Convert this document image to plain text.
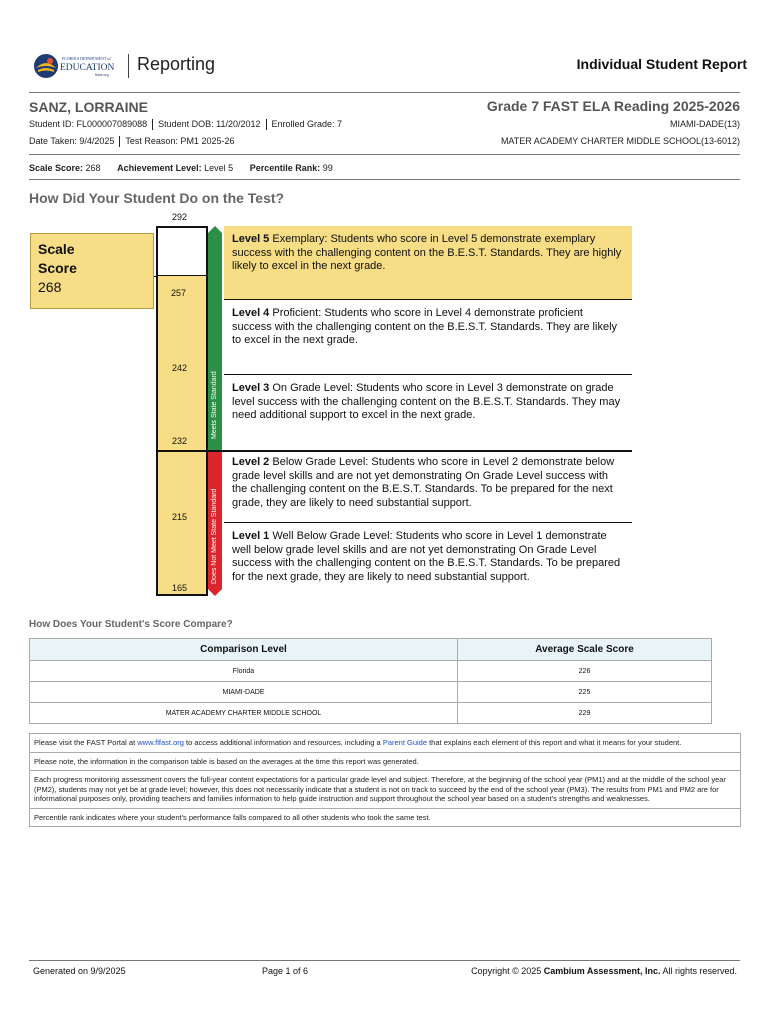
FLORIDA DEPARTMENT of
EDUCATION
fldoe.org
Reporting	Individual Student Report
SANZ, LORRAINE
Student ID: FL000007089088 Student DOB: 11/20/2012 Enrolled Grade: 7
Date Taken: 9/4/2025 Test Reason: PM1 2025-26
Grade 7 FAST ELA Reading 2025-2026
MIAMI-DADE(13)
MATER ACADEMY CHARTER MIDDLE SCHOOL(13-6012)
Scale Score: 268 Achievement Level: Level 5 Percentile Rank: 99
How Did Your Student Do on the Test?
292
Scale
Score
268	257
242
232
215
165
Meets State Standard
Does Not Meet State Standard
Level 5 Exemplary: Students who score in Level 5 demonstrate exemplary success with the challenging content on the B.E.S.T. Standards. They are highly likely to excel in the next grade.
Level 4 Proficient: Students who score in Level 4 demonstrate proficient success with the challenging content on the B.E.S.T. Standards. They are likely to excel in the next grade.
Level 3 On Grade Level: Students who score in Level 3 demonstrate on grade level success with the challenging content on the B.E.S.T. Standards. They may need additional support to excel in the next grade.
Level 2 Below Grade Level: Students who score in Level 2 demonstrate below grade level skills and are not yet demonstrating On Grade Level success with the challenging content on the B.E.S.T. Standards. To be prepared for the next grade, they are likely to need substantial support.
Level 1 Well Below Grade Level: Students who score in Level 1 demonstrate well below grade level skills and are not yet demonstrating On Grade Level success with the challenging content on the B.E.S.T. Standards. To be prepared for the next grade, they are likely to need substantial support.
How Does Your Student's Score Compare?
Comparison Level	Average Scale Score
Florida	226
MIAMI-DADE	225
MATER ACADEMY CHARTER MIDDLE SCHOOL	229
Please visit the FAST Portal at www.flfast.org to access additional information and resources, including a Parent Guide that explains each element of this report and what it means for your student.
Please note, the information in the comparison table is based on the averages at the time this report was generated.
Each progress monitoring assessment covers the full-year content expectations for a particular grade level and subject. Therefore, at the beginning of the school year (PM1) and at the middle of the school year (PM2), students may not yet be at grade level; however, this does not necessarily indicate that a student is not on track to succeed by the end of the school year (PM3). The results from PM1 and PM2 are for informational purposes only, providing teachers and families information to help guide instruction and support throughout the school year based on a student's strengths and weaknesses.
Percentile rank indicates where your student's performance falls compared to all other students who took the same test.
Generated on 9/9/2025	Page 1 of 6	Copyright © 2025 Cambium Assessment, Inc. All rights reserved.
